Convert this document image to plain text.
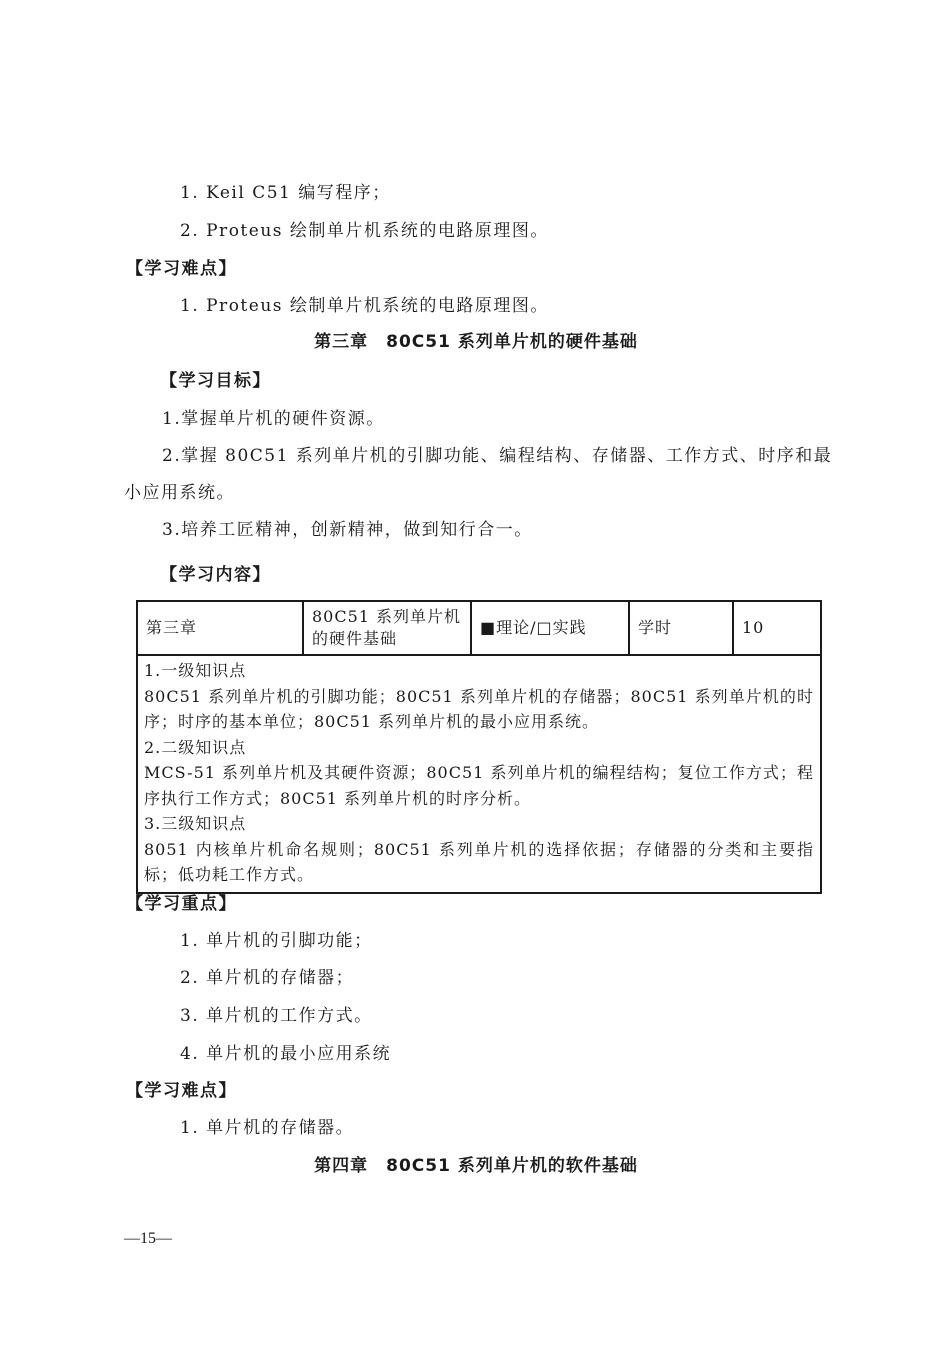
1. Keil C51 编写程序；
2. Proteus 绘制单片机系统的电路原理图。
【学习难点】
1. Proteus 绘制单片机系统的电路原理图。
第三章　80C51 系列单片机的硬件基础
【学习目标】
1.掌握单片机的硬件资源。
2.掌握 80C51 系列单片机的引脚功能、编程结构、存储器、工作方式、时序和最
小应用系统。
3.培养工匠精神，创新精神，做到知行合一。
【学习内容】
第三章	80C51 系列单片机的硬件基础	■理论/□实践	学时	10

1.一级知识点
80C51 系列单片机的引脚功能；80C51 系列单片机的存储器；80C51 系列单片机的时序；时序的基本单位；80C51 系列单片机的最小应用系统。
2.二级知识点
MCS-51 系列单片机及其硬件资源；80C51 系列单片机的编程结构；复位工作方式；程序执行工作方式；80C51 系列单片机的时序分析。
3.三级知识点
8051 内核单片机命名规则；80C51 系列单片机的选择依据；存储器的分类和主要指标；低功耗工作方式。
【学习重点】
1. 单片机的引脚功能；
2. 单片机的存储器；
3. 单片机的工作方式。
4. 单片机的最小应用系统
【学习难点】
1. 单片机的存储器。
第四章　80C51 系列单片机的软件基础
—15—
